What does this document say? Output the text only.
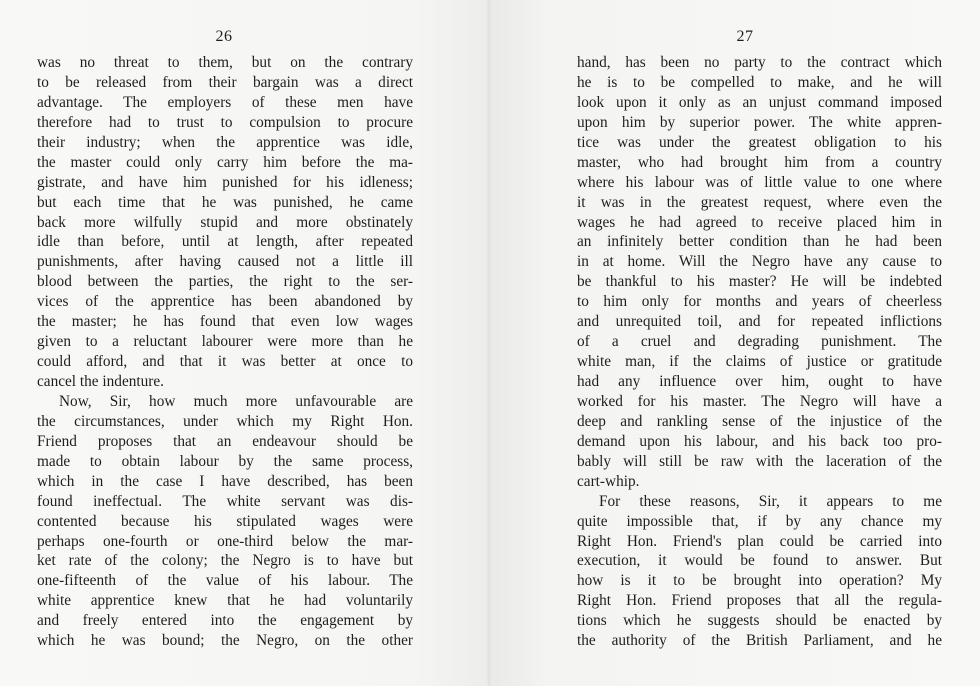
26
was no threat to them, but on the contrary
to be released from their bargain was a direct
advantage. The employers of these men have
therefore had to trust to compulsion to procure
their industry; when the apprentice was idle,
the master could only carry him before the ma-
gistrate, and have him punished for his idleness;
but each time that he was punished, he came
back more wilfully stupid and more obstinately
idle than before, until at length, after repeated
punishments, after having caused not a little ill
blood between the parties, the right to the ser-
vices of the apprentice has been abandoned by
the master; he has found that even low wages
given to a reluctant labourer were more than he
could afford, and that it was better at once to
cancel the indenture.
Now, Sir, how much more unfavourable are
the circumstances, under which my Right Hon.
Friend proposes that an endeavour should be
made to obtain labour by the same process,
which in the case I have described, has been
found ineffectual. The white servant was dis-
contented because his stipulated wages were
perhaps one-fourth or one-third below the mar-
ket rate of the colony; the Negro is to have but
one-fifteenth of the value of his labour. The
white apprentice knew that he had voluntarily
and freely entered into the engagement by
which he was bound; the Negro, on the other
27
hand, has been no party to the contract which
he is to be compelled to make, and he will
look upon it only as an unjust command imposed
upon him by superior power. The white appren-
tice was under the greatest obligation to his
master, who had brought him from a country
where his labour was of little value to one where
it was in the greatest request, where even the
wages he had agreed to receive placed him in
an infinitely better condition than he had been
in at home. Will the Negro have any cause to
be thankful to his master? He will be indebted
to him only for months and years of cheerless
and unrequited toil, and for repeated inflictions
of a cruel and degrading punishment. The
white man, if the claims of justice or gratitude
had any influence over him, ought to have
worked for his master. The Negro will have a
deep and rankling sense of the injustice of the
demand upon his labour, and his back too pro-
bably will still be raw with the laceration of the
cart-whip.
For these reasons, Sir, it appears to me
quite impossible that, if by any chance my
Right Hon. Friend's plan could be carried into
execution, it would be found to answer. But
how is it to be brought into operation? My
Right Hon. Friend proposes that all the regula-
tions which he suggests should be enacted by
the authority of the British Parliament, and he
